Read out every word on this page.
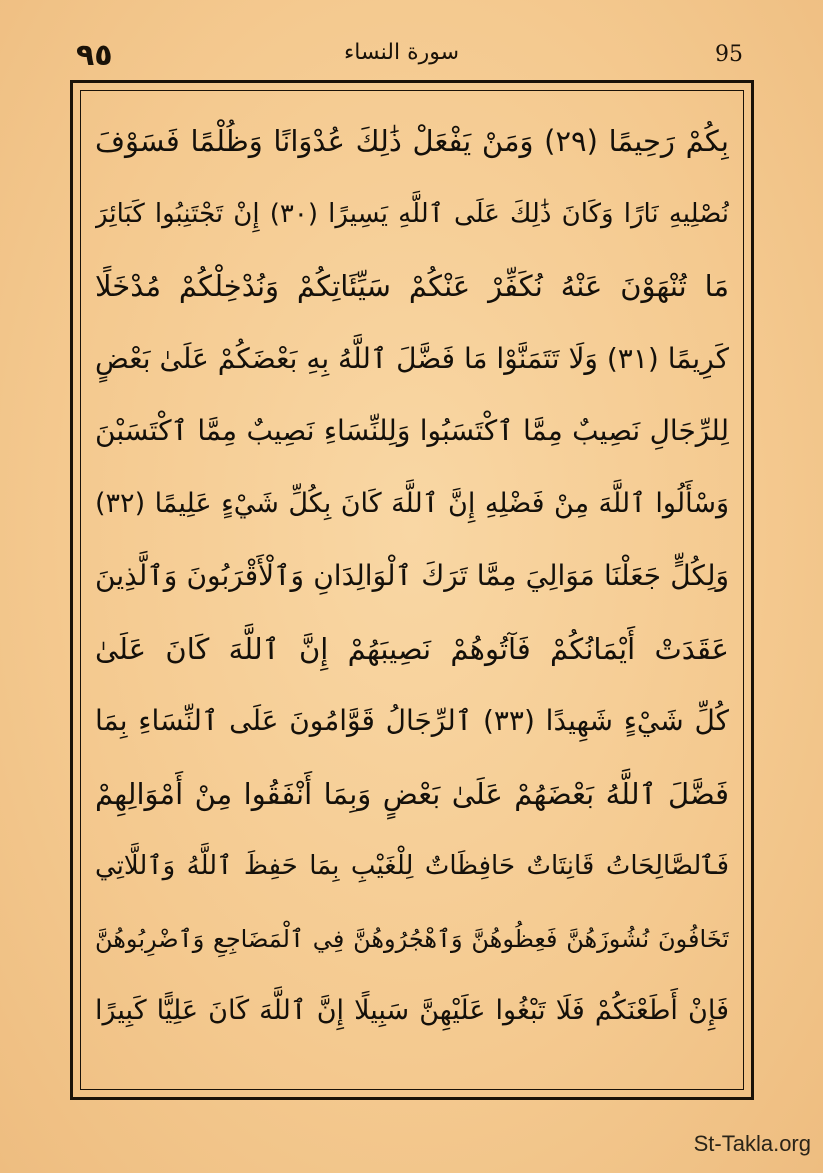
٩٥	سورة النساء	95
بِكُمْ رَحِيمًا (٢٩) وَمَنْ يَفْعَلْ ذَٰلِكَ عُدْوَانًا وَظُلْمًا فَسَوْفَ
نُصْلِيهِ نَارًا وَكَانَ ذَٰلِكَ عَلَى ٱللَّهِ يَسِيرًا (٣٠) إِنْ تَجْتَنِبُوا كَبَائِرَ
مَا تُنْهَوْنَ عَنْهُ نُكَفِّرْ عَنْكُمْ سَيِّئَاتِكُمْ وَنُدْخِلْكُمْ مُدْخَلًا
كَرِيمًا (٣١) وَلَا تَتَمَنَّوْا مَا فَضَّلَ ٱللَّهُ بِهِ بَعْضَكُمْ عَلَىٰ بَعْضٍ
لِلرِّجَالِ نَصِيبٌ مِمَّا ٱكْتَسَبُوا وَلِلنِّسَاءِ نَصِيبٌ مِمَّا ٱكْتَسَبْنَ
وَسْأَلُوا ٱللَّهَ مِنْ فَضْلِهِ إِنَّ ٱللَّهَ كَانَ بِكُلِّ شَيْءٍ عَلِيمًا (٣٢)
وَلِكُلٍّ جَعَلْنَا مَوَالِيَ مِمَّا تَرَكَ ٱلْوَالِدَانِ وَٱلْأَقْرَبُونَ وَٱلَّذِينَ
عَقَدَتْ أَيْمَانُكُمْ فَآتُوهُمْ نَصِيبَهُمْ إِنَّ ٱللَّهَ كَانَ عَلَىٰ
كُلِّ شَيْءٍ شَهِيدًا (٣٣) ٱلرِّجَالُ قَوَّامُونَ عَلَى ٱلنِّسَاءِ بِمَا
فَضَّلَ ٱللَّهُ بَعْضَهُمْ عَلَىٰ بَعْضٍ وَبِمَا أَنْفَقُوا مِنْ أَمْوَالِهِمْ
فَٱلصَّالِحَاتُ قَانِتَاتٌ حَافِظَاتٌ لِلْغَيْبِ بِمَا حَفِظَ ٱللَّهُ وَٱللَّاتِي
تَخَافُونَ نُشُوزَهُنَّ فَعِظُوهُنَّ وَٱهْجُرُوهُنَّ فِي ٱلْمَضَاجِعِ وَٱضْرِبُوهُنَّ
فَإِنْ أَطَعْنَكُمْ فَلَا تَبْغُوا عَلَيْهِنَّ سَبِيلًا إِنَّ ٱللَّهَ كَانَ عَلِيًّا كَبِيرًا
St-Takla.org
